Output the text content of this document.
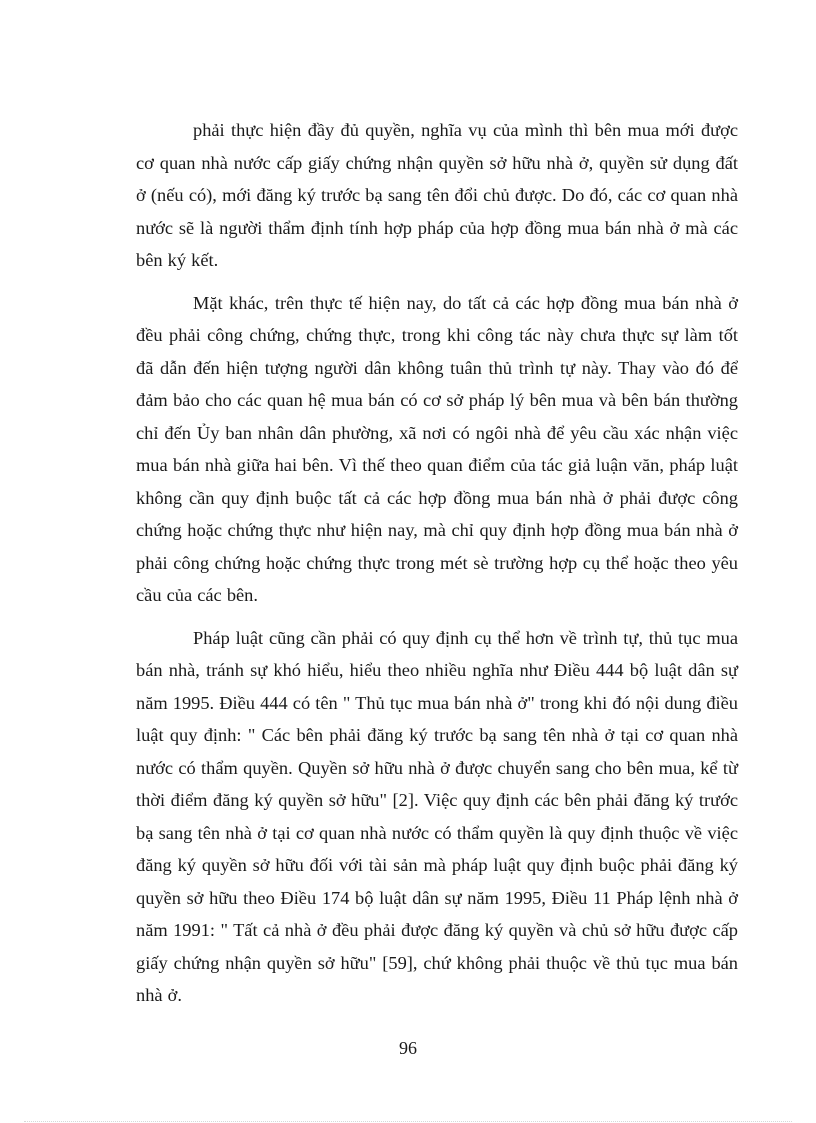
phải thực hiện đầy đủ quyền, nghĩa vụ của mình thì bên mua mới được cơ quan nhà nước cấp giấy chứng nhận quyền sở hữu nhà ở, quyền sử dụng đất ở (nếu có), mới đăng ký trước bạ sang tên đổi chủ được. Do đó, các cơ quan nhà nước sẽ là người thẩm định tính hợp pháp của hợp đồng mua bán nhà ở mà các bên ký kết.

Mặt khác, trên thực tế hiện nay, do tất cả các hợp đồng mua bán nhà ở đều phải công chứng, chứng thực, trong khi công tác này chưa thực sự làm tốt đã dẫn đến hiện tượng người dân không tuân thủ trình tự này. Thay vào đó để đảm bảo cho các quan hệ mua bán có cơ sở pháp lý bên mua và bên bán thường chỉ đến Ủy ban nhân dân phường, xã nơi có ngôi nhà để yêu cầu xác nhận việc mua bán nhà giữa hai bên. Vì thế theo quan điểm của tác giả luận văn, pháp luật không cần quy định buộc tất cả các hợp đồng mua bán nhà ở phải được công chứng hoặc chứng thực như hiện nay, mà chỉ quy định hợp đồng mua bán nhà ở phải công chứng hoặc chứng thực trong mét sè trường hợp cụ thể hoặc theo yêu cầu của các bên.

Pháp luật cũng cần phải có quy định cụ thể hơn về trình tự, thủ tục mua bán nhà, tránh sự khó hiểu, hiểu theo nhiều nghĩa như Điều 444 bộ luật dân sự năm 1995. Điều 444 có tên " Thủ tục mua bán nhà ở" trong khi đó nội dung điều luật quy định: " Các bên phải đăng ký trước bạ sang tên nhà ở tại cơ quan nhà nước có thẩm quyền. Quyền sở hữu nhà ở được chuyển sang cho bên mua, kể từ thời điểm đăng ký quyền sở hữu" [2]. Việc quy định các bên phải đăng ký trước bạ sang tên nhà ở tại cơ quan nhà nước có thẩm quyền là quy định thuộc về việc đăng ký quyền sở hữu đối với tài sản mà pháp luật quy định buộc phải đăng ký quyền sở hữu theo Điều 174 bộ luật dân sự năm 1995, Điều 11 Pháp lệnh nhà ở năm 1991: " Tất cả nhà ở đều phải được đăng ký quyền và chủ sở hữu được cấp giấy chứng nhận quyền sở hữu" [59], chứ không phải thuộc về thủ tục mua bán nhà ở.

96
